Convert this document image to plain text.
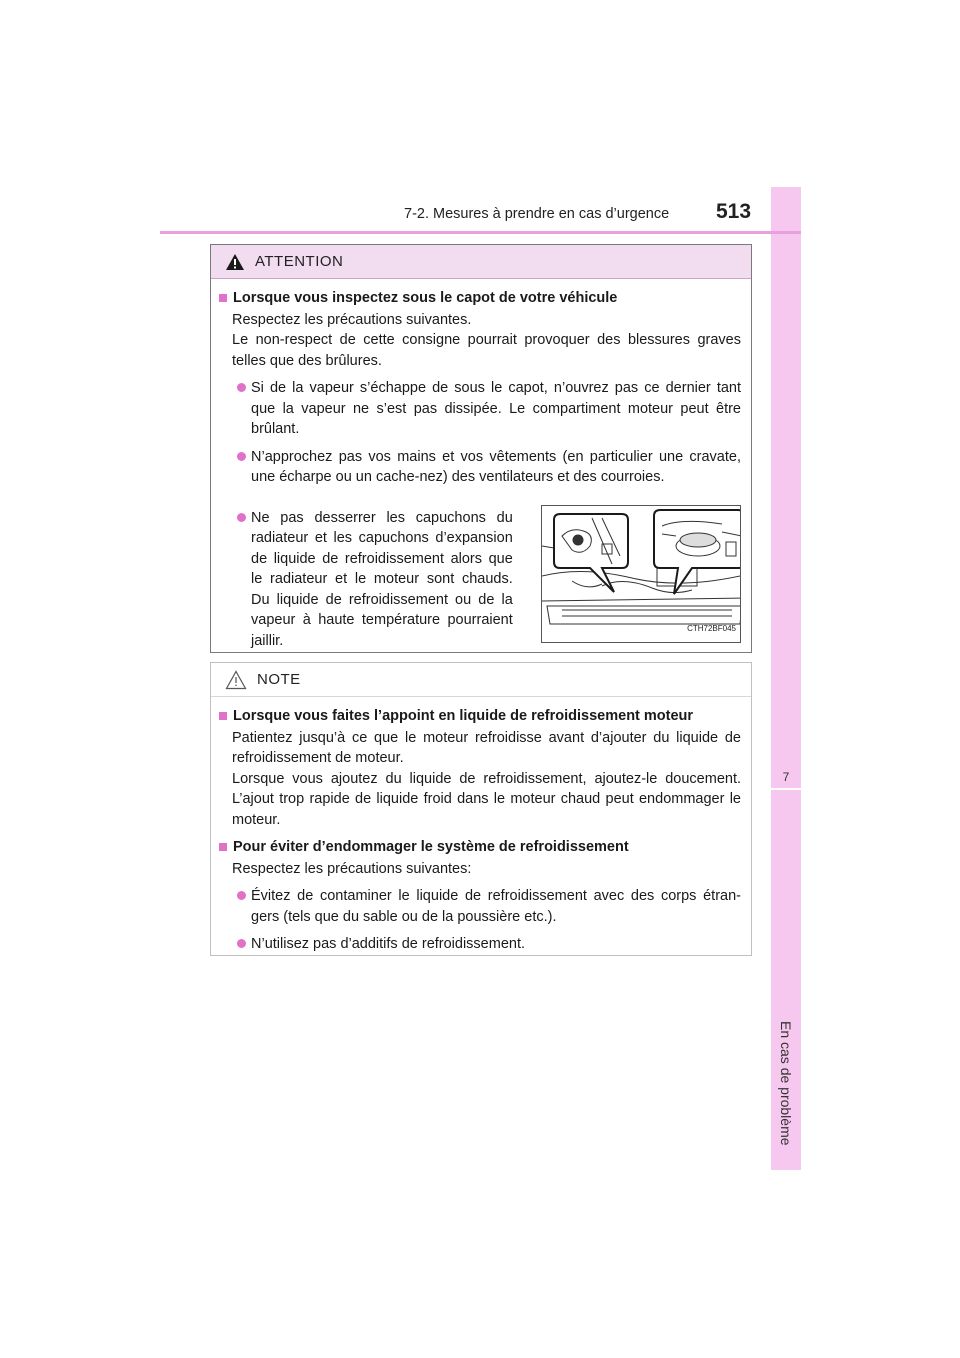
7
En cas de problème
7-2. Mesures à prendre en cas d’urgence 513
ATTENTION
Lorsque vous inspectez sous le capot de votre véhicule
Respectez les précautions suivantes.
Le non-respect de cette consigne pourrait provoquer des blessures graves telles que des brûlures.
Si de la vapeur s’échappe de sous le capot, n’ouvrez pas ce dernier tant que la vapeur ne s’est pas dissipée. Le compartiment moteur peut être brûlant.
N’approchez pas vos mains et vos vêtements (en particulier une cravate, une écharpe ou un cache-nez) des ventilateurs et des courroies.
Ne pas desserrer les capuchons du radiateur et les capuchons d’expansion de liquide de refroidissement alors que le radiateur et le moteur sont chauds. Du liquide de refroidissement ou de la vapeur à haute température pourraient jaillir.
CTH72BF045
NOTE
Lorsque vous faites l’appoint en liquide de refroidissement moteur
Patientez jusqu’à ce que le moteur refroidisse avant d’ajouter du liquide de refroidissement de moteur.
Lorsque vous ajoutez du liquide de refroidissement, ajoutez-le doucement. L’ajout trop rapide de liquide froid dans le moteur chaud peut endommager le moteur.
Pour éviter d’endommager le système de refroidissement
Respectez les précautions suivantes:
Évitez de contaminer le liquide de refroidissement avec des corps étran-gers (tels que du sable ou de la poussière etc.).
N’utilisez pas d’additifs de refroidissement.
